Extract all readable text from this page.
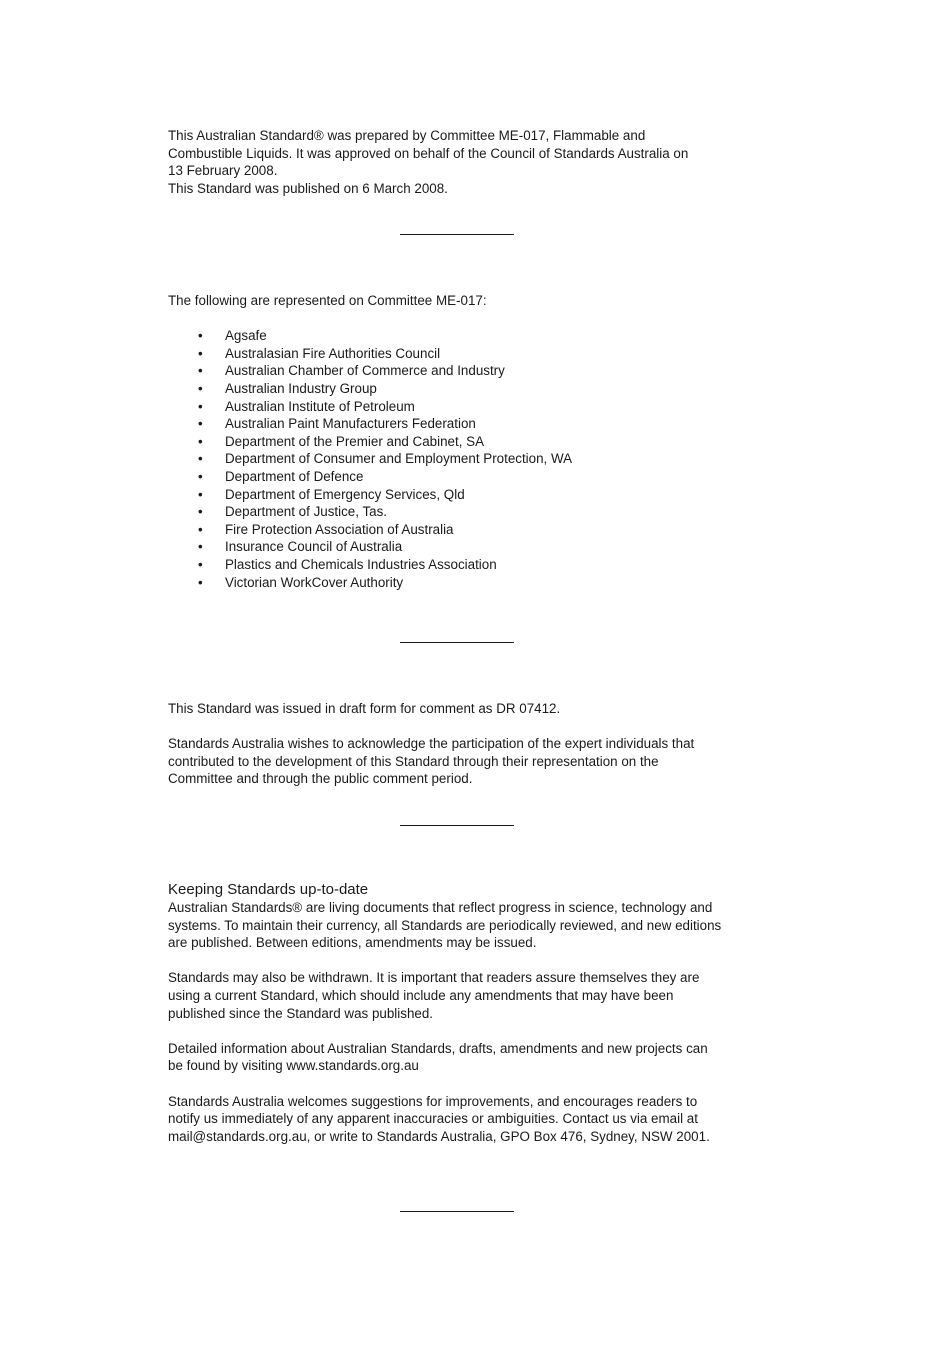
This Australian Standard® was prepared by Committee ME-017, Flammable and

Combustible Liquids. It was approved on behalf of the Council of Standards Australia on

13 February 2008.

This Standard was published on 6 March 2008.

The following are represented on Committee ME-017:

• Agsafe
• Australasian Fire Authorities Council
• Australian Chamber of Commerce and Industry
• Australian Industry Group
• Australian Institute of Petroleum
• Australian Paint Manufacturers Federation
• Department of the Premier and Cabinet, SA
• Department of Consumer and Employment Protection, WA
• Department of Defence
• Department of Emergency Services, Qld
• Department of Justice, Tas.
• Fire Protection Association of Australia
• Insurance Council of Australia
• Plastics and Chemicals Industries Association
• Victorian WorkCover Authority

This Standard was issued in draft form for comment as DR 07412.

Standards Australia wishes to acknowledge the participation of the expert individuals that

contributed to the development of this Standard through their representation on the

Committee and through the public comment period.

Keeping Standards up-to-date

Australian Standards® are living documents that reflect progress in science, technology and

systems. To maintain their currency, all Standards are periodically reviewed, and new editions

are published. Between editions, amendments may be issued.

Standards may also be withdrawn. It is important that readers assure themselves they are

using a current Standard, which should include any amendments that may have been

published since the Standard was published.

Detailed information about Australian Standards, drafts, amendments and new projects can

be found by visiting www.standards.org.au

Standards Australia welcomes suggestions for improvements, and encourages readers to

notify us immediately of any apparent inaccuracies or ambiguities. Contact us via email at

mail@standards.org.au, or write to Standards Australia, GPO Box 476, Sydney, NSW 2001.
